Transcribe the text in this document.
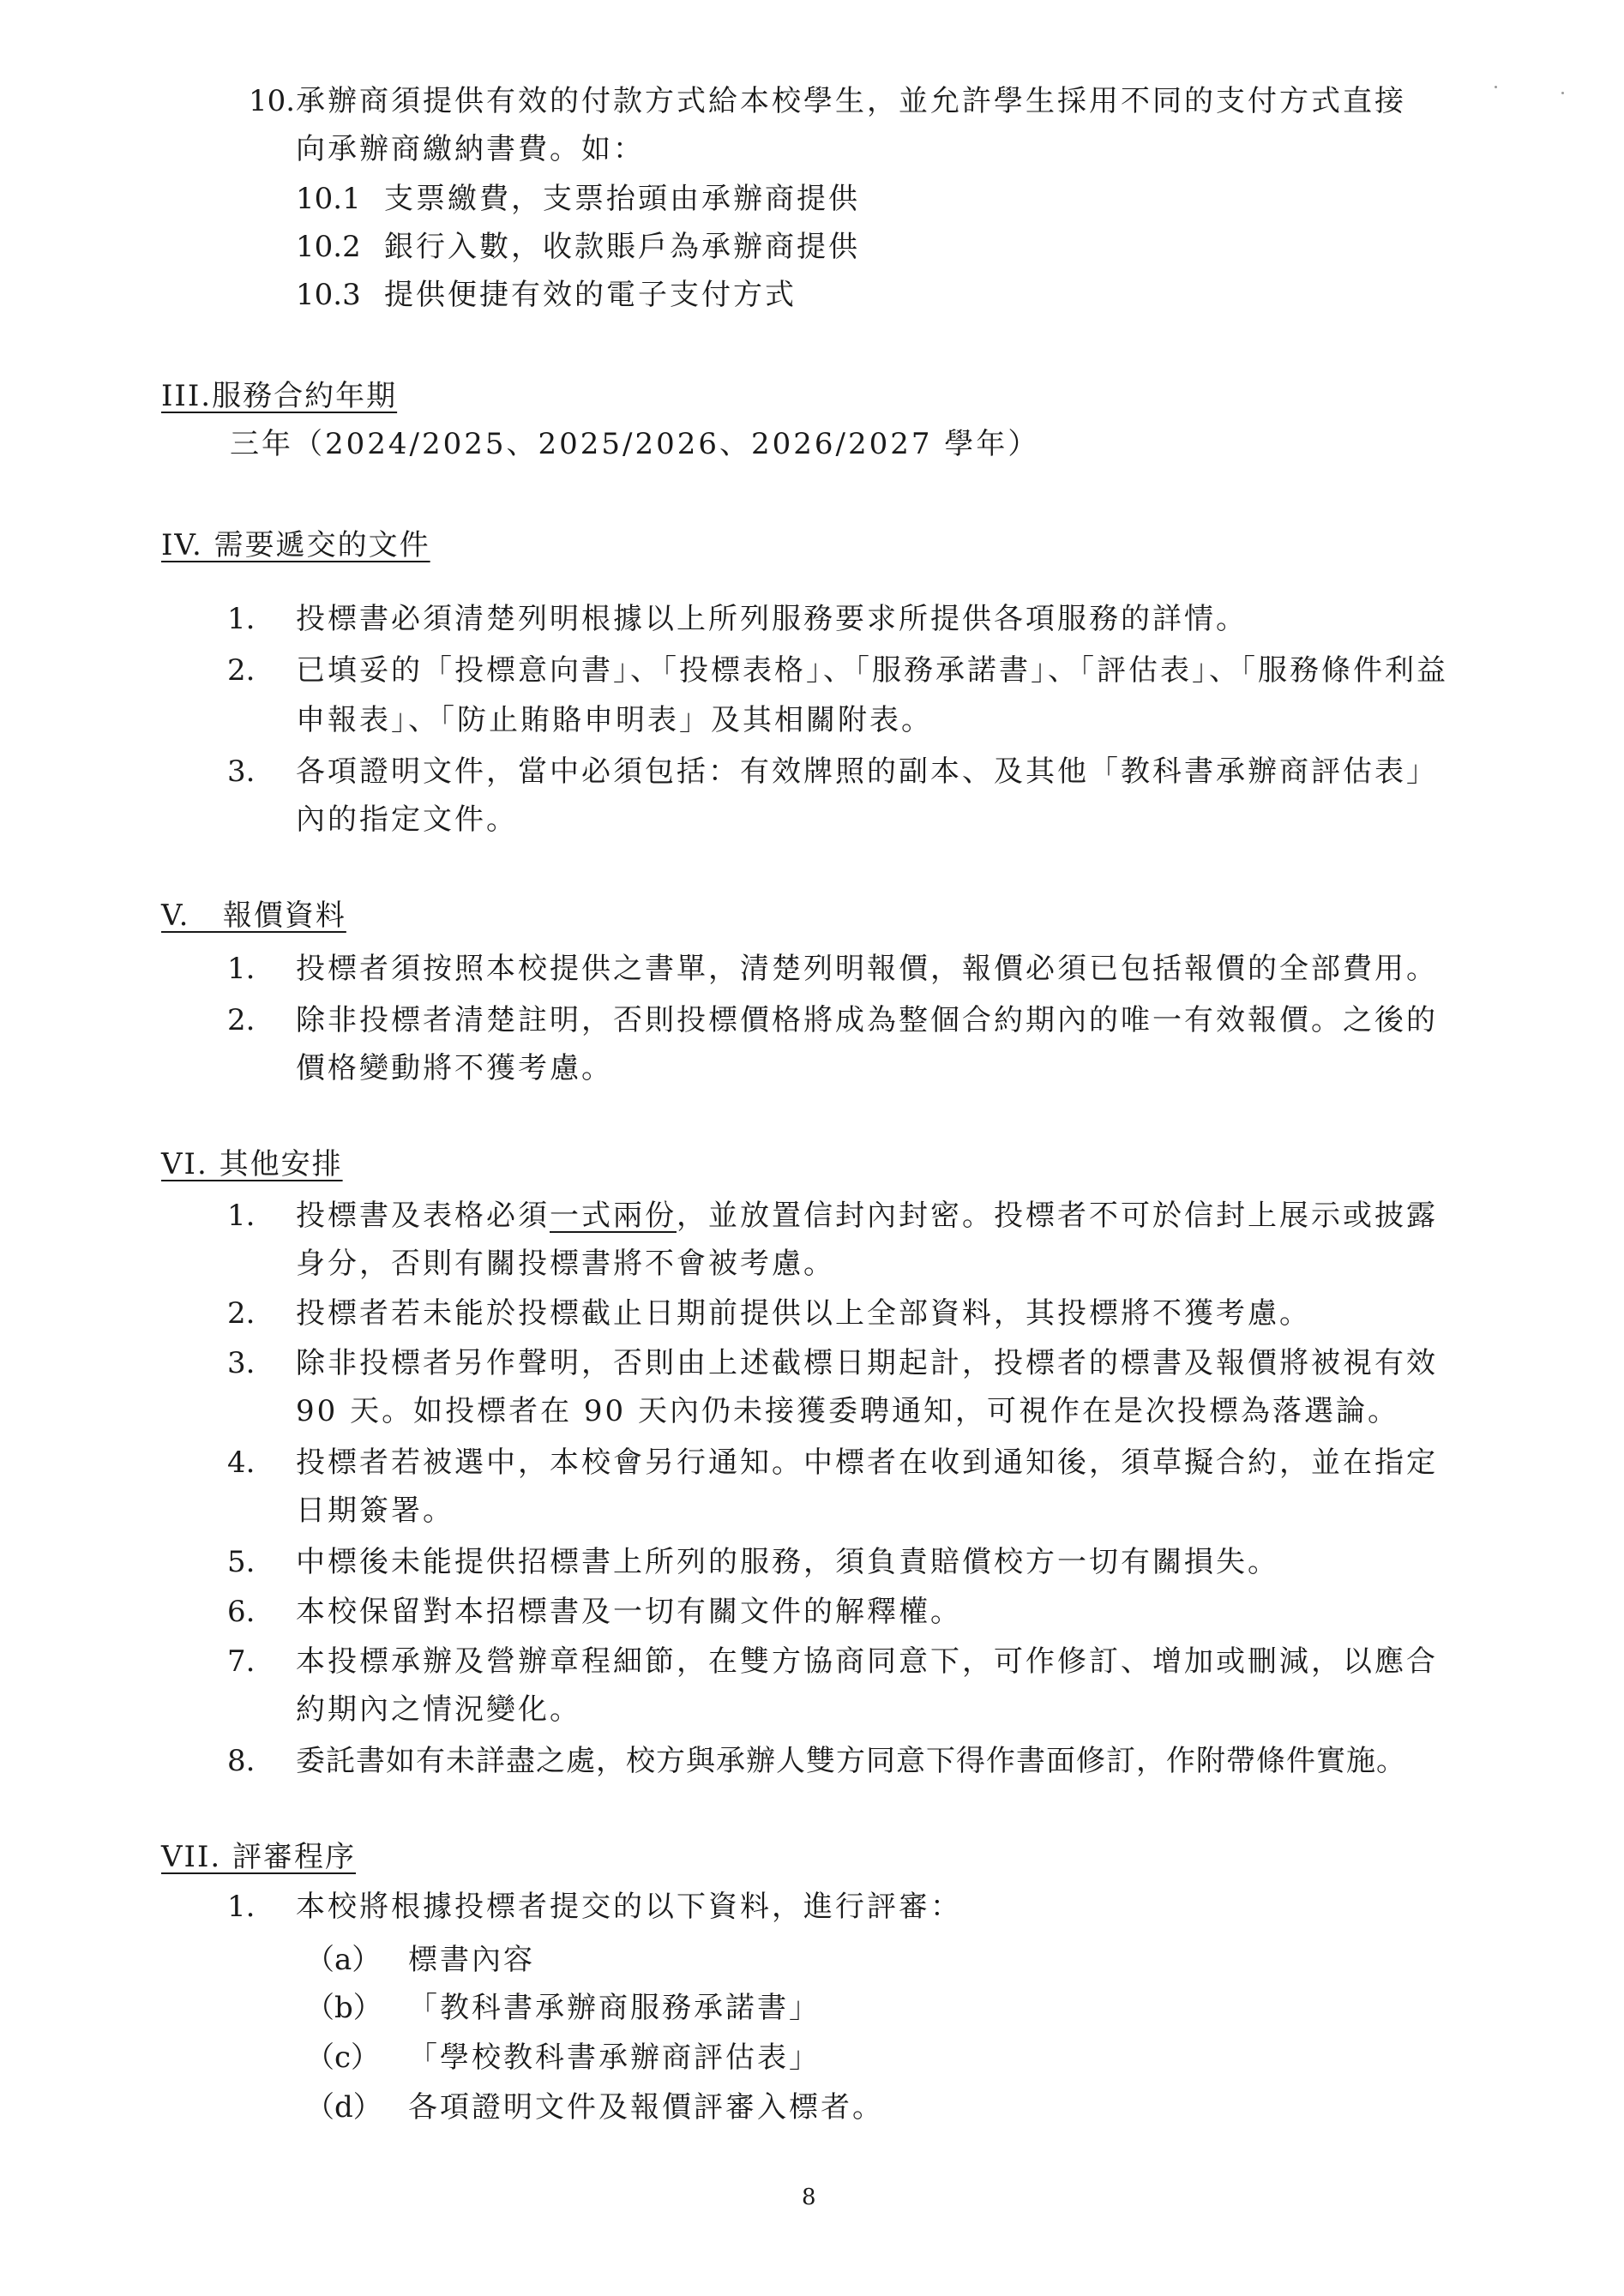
10. 承辦商須提供有效的付款方式給本校學生，並允許學生採用不同的支付方式直接
向承辦商繳納書費。如：
10.1 支票繳費，支票抬頭由承辦商提供
10.2 銀行入數，收款賬戶為承辦商提供
10.3 提供便捷有效的電子支付方式
III.服務合約年期
三年（2024/2025、2025/2026、2026/2027 學年）
IV. 需要遞交的文件
1. 投標書必須清楚列明根據以上所列服務要求所提供各項服務的詳情。
2. 已填妥的「投標意向書」、「投標表格」、「服務承諾書」、「評估表」、「服務條件利益
申報表」、「防止賄賂申明表」及其相關附表。
3. 各項證明文件，當中必須包括：有效牌照的副本、及其他「教科書承辦商評估表」
內的指定文件。
V.   報價資料
1. 投標者須按照本校提供之書單，清楚列明報價，報價必須已包括報價的全部費用。
2. 除非投標者清楚註明，否則投標價格將成為整個合約期內的唯一有效報價。之後的
價格變動將不獲考慮。
VI. 其他安排
1. 投標書及表格必須一式兩份，並放置信封內封密。投標者不可於信封上展示或披露
身分，否則有關投標書將不會被考慮。
2. 投標者若未能於投標截止日期前提供以上全部資料，其投標將不獲考慮。
3. 除非投標者另作聲明，否則由上述截標日期起計，投標者的標書及報價將被視有效
90 天。如投標者在 90 天內仍未接獲委聘通知，可視作在是次投標為落選論。
4. 投標者若被選中，本校會另行通知。中標者在收到通知後，須草擬合約，並在指定
日期簽署。
5. 中標後未能提供招標書上所列的服務，須負責賠償校方一切有關損失。
6. 本校保留對本招標書及一切有關文件的解釋權。
7. 本投標承辦及營辦章程細節，在雙方協商同意下，可作修訂、增加或刪減，以應合
約期內之情況變化。
8. 委託書如有未詳盡之處，校方與承辦人雙方同意下得作書面修訂，作附帶條件實施。
VII. 評審程序
1. 本校將根據投標者提交的以下資料，進行評審：
（a） 標書內容
（b） 「教科書承辦商服務承諾書」
（c） 「學校教科書承辦商評估表」
（d） 各項證明文件及報價評審入標者。
8
